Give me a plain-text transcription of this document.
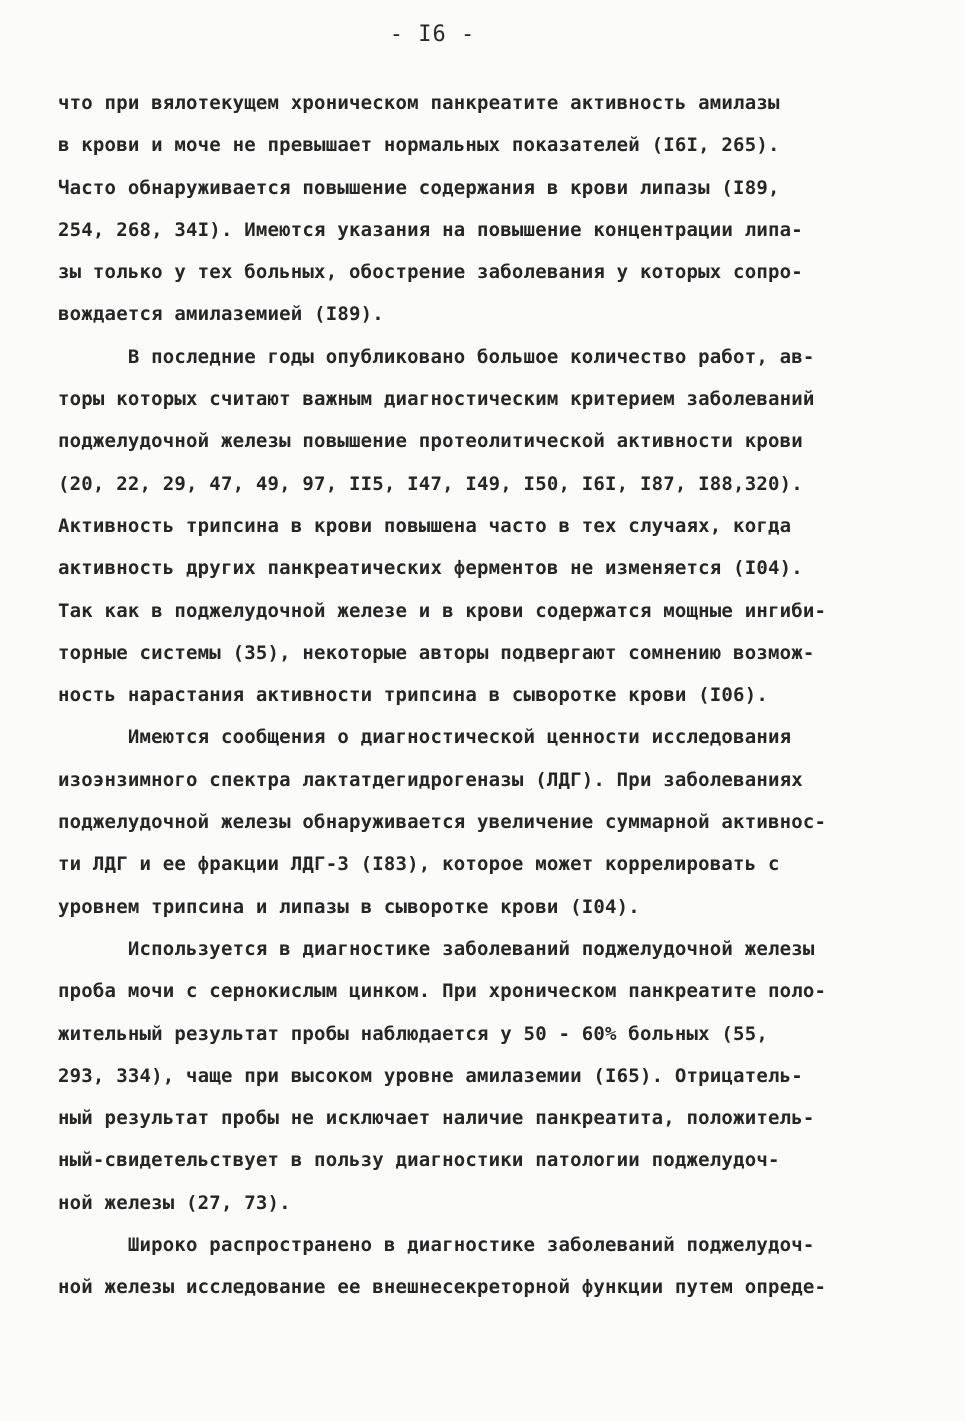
- I6 -
что при вялотекущем хроническом панкреатите активность амилазы
в крови и моче не превышает нормальных показателей (I6I, 265).
Часто обнаруживается повышение содержания в крови липазы (I89,
254, 268, 34I). Имеются указания на повышение концентрации липа-
зы только у тех больных, обострение заболевания у которых сопро-
вождается амилаземией (I89).
В последние годы опубликовано большое количество работ, ав-
торы которых считают важным диагностическим критерием заболеваний
поджелудочной железы повышение протеолитической активности крови
(20, 22, 29, 47, 49, 97, II5, I47, I49, I50, I6I, I87, I88,320).
Активность трипсина в крови повышена часто в тех случаях, когда
активность других панкреатических ферментов не изменяется (I04).
Так как в поджелудочной железе и в крови содержатся мощные ингиби-
торные системы (35), некоторые авторы подвергают сомнению возмож-
ность нарастания активности трипсина в сыворотке крови (I06).
Имеются сообщения о диагностической ценности исследования
изоэнзимного спектра лактатдегидрогеназы (ЛДГ). При заболеваниях
поджелудочной железы обнаруживается увеличение суммарной активнос-
ти ЛДГ и ее фракции ЛДГ-3 (I83), которое может коррелировать с
уровнем трипсина и липазы в сыворотке крови (I04).
Используется в диагностике заболеваний поджелудочной железы
проба мочи с сернокислым цинком. При хроническом панкреатите поло-
жительный результат пробы наблюдается у 50 - 60% больных (55,
293, 334), чаще при высоком уровне амилаземии (I65). Отрицатель-
ный результат пробы не исключает наличие панкреатита, положитель-
ный-свидетельствует в пользу диагностики патологии поджелудоч-
ной железы (27, 73).
Широко распространено в диагностике заболеваний поджелудоч-
ной железы исследование ее внешнесекреторной функции путем опреде-
